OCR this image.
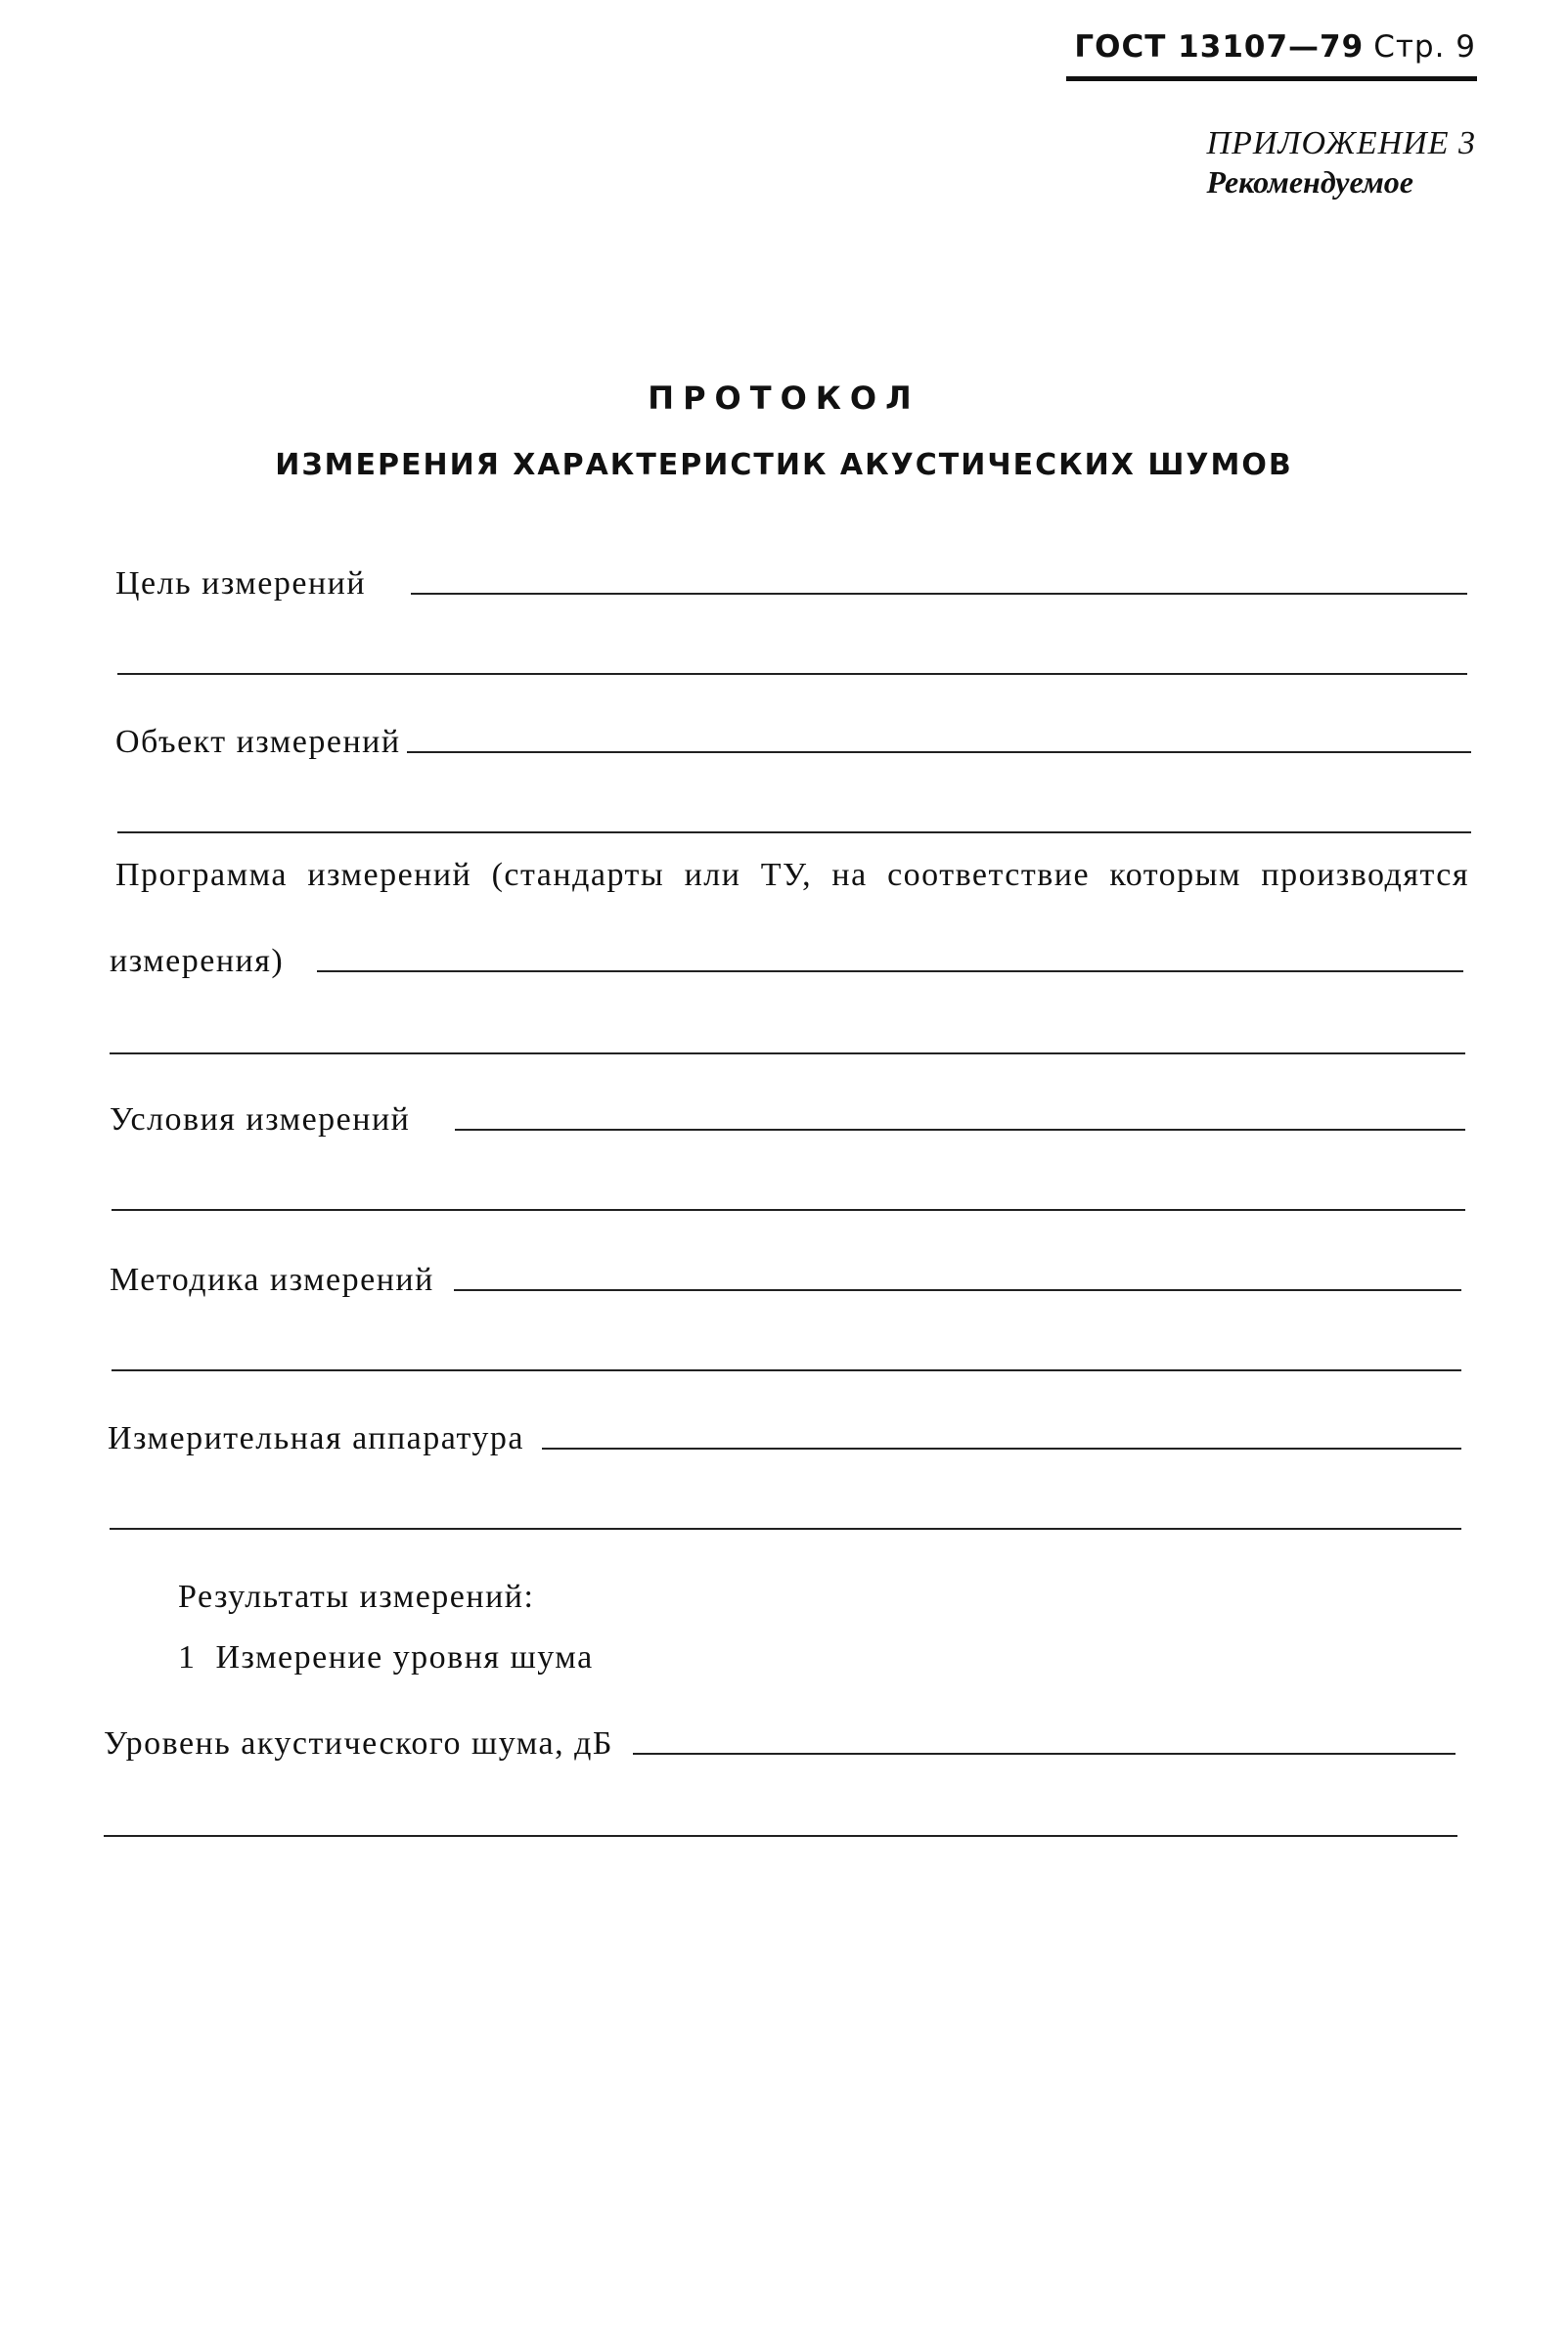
ГОСТ 13107—79 Стр. 9
ПРИЛОЖЕНИЕ 3
Рекомендуемое
ПРОТОКОЛ
ИЗМЕРЕНИЯ ХАРАКТЕРИСТИК АКУСТИЧЕСКИХ ШУМОВ
Цель измерений
Объект измерений
Программа измерений (стандарты или ТУ, на соответствие которым производятся
измерения)
Условия измерений
Методика измерений
Измерительная аппаратура
Результаты измерений:
1  Измерение уровня шума
Уровень акустического шума, дБ
